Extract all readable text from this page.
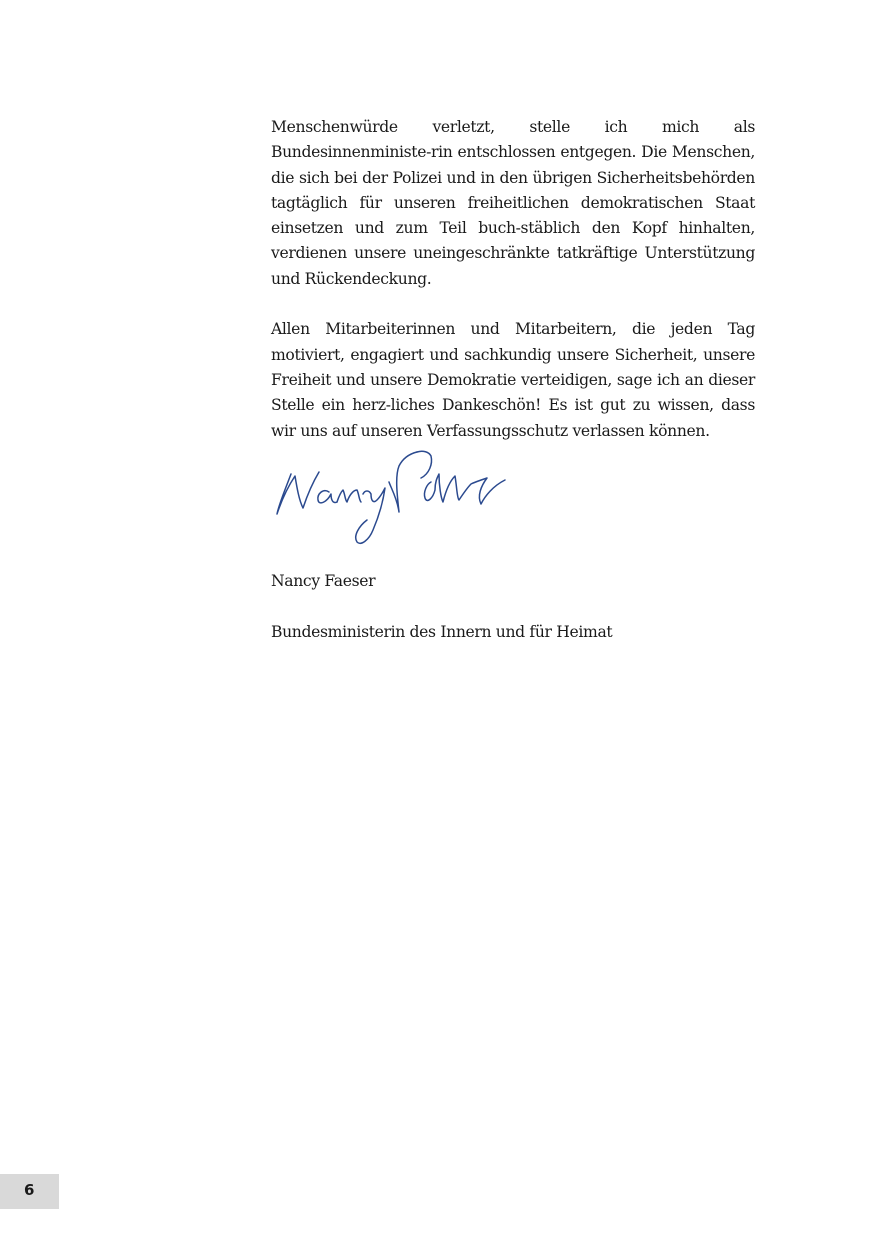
Menschenwürde verletzt, stelle ich mich als Bundesinnenministe-rin entschlossen entgegen. Die Menschen, die sich bei der Polizei und in den übrigen Sicherheitsbehörden tagtäglich für unseren freiheitlichen demokratischen Staat einsetzen und zum Teil buch-stäblich den Kopf hinhalten, verdienen unsere uneingeschränkte tatkräftige Unterstützung und Rückendeckung.

Allen Mitarbeiterinnen und Mitarbeitern, die jeden Tag motiviert, engagiert und sachkundig unsere Sicherheit, unsere Freiheit und unsere Demokratie verteidigen, sage ich an dieser Stelle ein herz-liches Dankeschön! Es ist gut zu wissen, dass wir uns auf unseren Verfassungsschutz verlassen können.

Nancy Faeser

Bundesministerin des Innern und für Heimat

6
